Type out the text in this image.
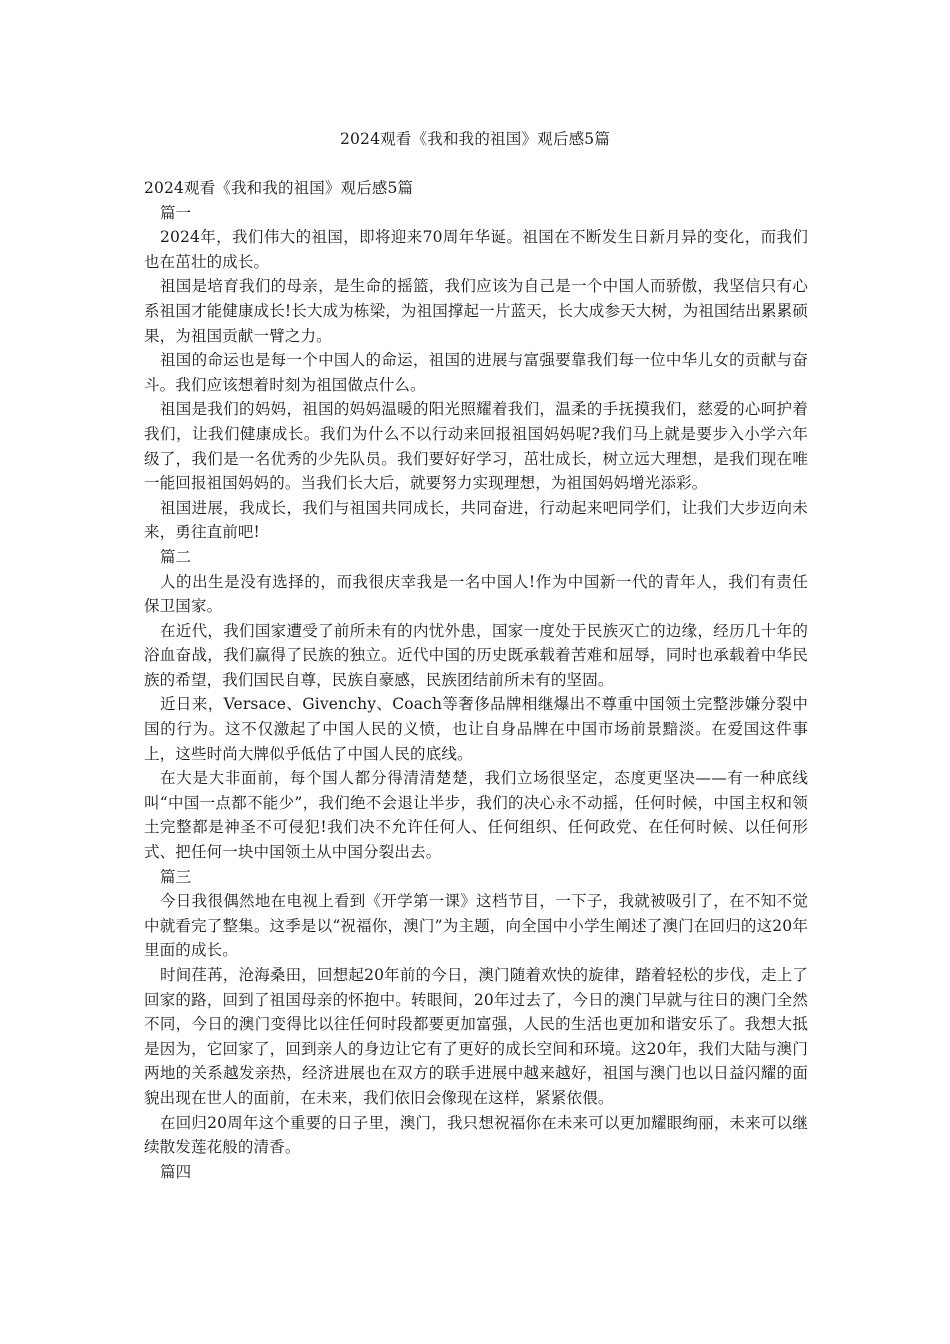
2024观看《我和我的祖国》观后感5篇

2024观看《我和我的祖国》观后感5篇

篇一

2024年，我们伟大的祖国，即将迎来70周年华诞。祖国在不断发生日新月异的变化，而我们也在茁壮的成长。

祖国是培育我们的母亲，是生命的摇篮，我们应该为自己是一个中国人而骄傲，我坚信只有心系祖国才能健康成长!长大成为栋梁，为祖国撑起一片蓝天，长大成参天大树，为祖国结出累累硕果，为祖国贡献一臂之力。

祖国的命运也是每一个中国人的命运，祖国的进展与富强要靠我们每一位中华儿女的贡献与奋斗。我们应该想着时刻为祖国做点什么。

祖国是我们的妈妈，祖国的妈妈温暖的阳光照耀着我们，温柔的手抚摸我们，慈爱的心呵护着我们，让我们健康成长。我们为什么不以行动来回报祖国妈妈呢?我们马上就是要步入小学六年级了，我们是一名优秀的少先队员。我们要好好学习，茁壮成长，树立远大理想，是我们现在唯一能回报祖国妈妈的。当我们长大后，就要努力实现理想，为祖国妈妈增光添彩。

祖国进展，我成长，我们与祖国共同成长，共同奋进，行动起来吧同学们，让我们大步迈向未来，勇往直前吧!

篇二

人的出生是没有选择的，而我很庆幸我是一名中国人!作为中国新一代的青年人，我们有责任保卫国家。

在近代，我们国家遭受了前所未有的内忧外患，国家一度处于民族灭亡的边缘，经历几十年的浴血奋战，我们赢得了民族的独立。近代中国的历史既承载着苦难和屈辱，同时也承载着中华民族的希望，我们国民自尊，民族自豪感，民族团结前所未有的坚固。

近日来，Versace、Givenchy、Coach等奢侈品牌相继爆出不尊重中国领土完整涉嫌分裂中国的行为。这不仅激起了中国人民的义愤，也让自身品牌在中国市场前景黯淡。在爱国这件事上，这些时尚大牌似乎低估了中国人民的底线。

在大是大非面前，每个国人都分得清清楚楚，我们立场很坚定，态度更坚决——有一种底线叫“中国一点都不能少”，我们绝不会退让半步，我们的决心永不动摇，任何时候，中国主权和领土完整都是神圣不可侵犯!我们决不允许任何人、任何组织、任何政党、在任何时候、以任何形式、把任何一块中国领土从中国分裂出去。

篇三

今日我很偶然地在电视上看到《开学第一课》这档节目，一下子，我就被吸引了，在不知不觉中就看完了整集。这季是以“祝福你，澳门”为主题，向全国中小学生阐述了澳门在回归的这20年里面的成长。

时间荏苒，沧海桑田，回想起20年前的今日，澳门随着欢快的旋律，踏着轻松的步伐，走上了回家的路，回到了祖国母亲的怀抱中。转眼间，20年过去了，今日的澳门早就与往日的澳门全然不同，今日的澳门变得比以往任何时段都要更加富强，人民的生活也更加和谐安乐了。我想大抵是因为，它回家了，回到亲人的身边让它有了更好的成长空间和环境。这20年，我们大陆与澳门两地的关系越发亲热，经济进展也在双方的联手进展中越来越好，祖国与澳门也以日益闪耀的面貌出现在世人的面前，在未来，我们依旧会像现在这样，紧紧依偎。

在回归20周年这个重要的日子里，澳门，我只想祝福你在未来可以更加耀眼绚丽，未来可以继续散发莲花般的清香。

篇四
